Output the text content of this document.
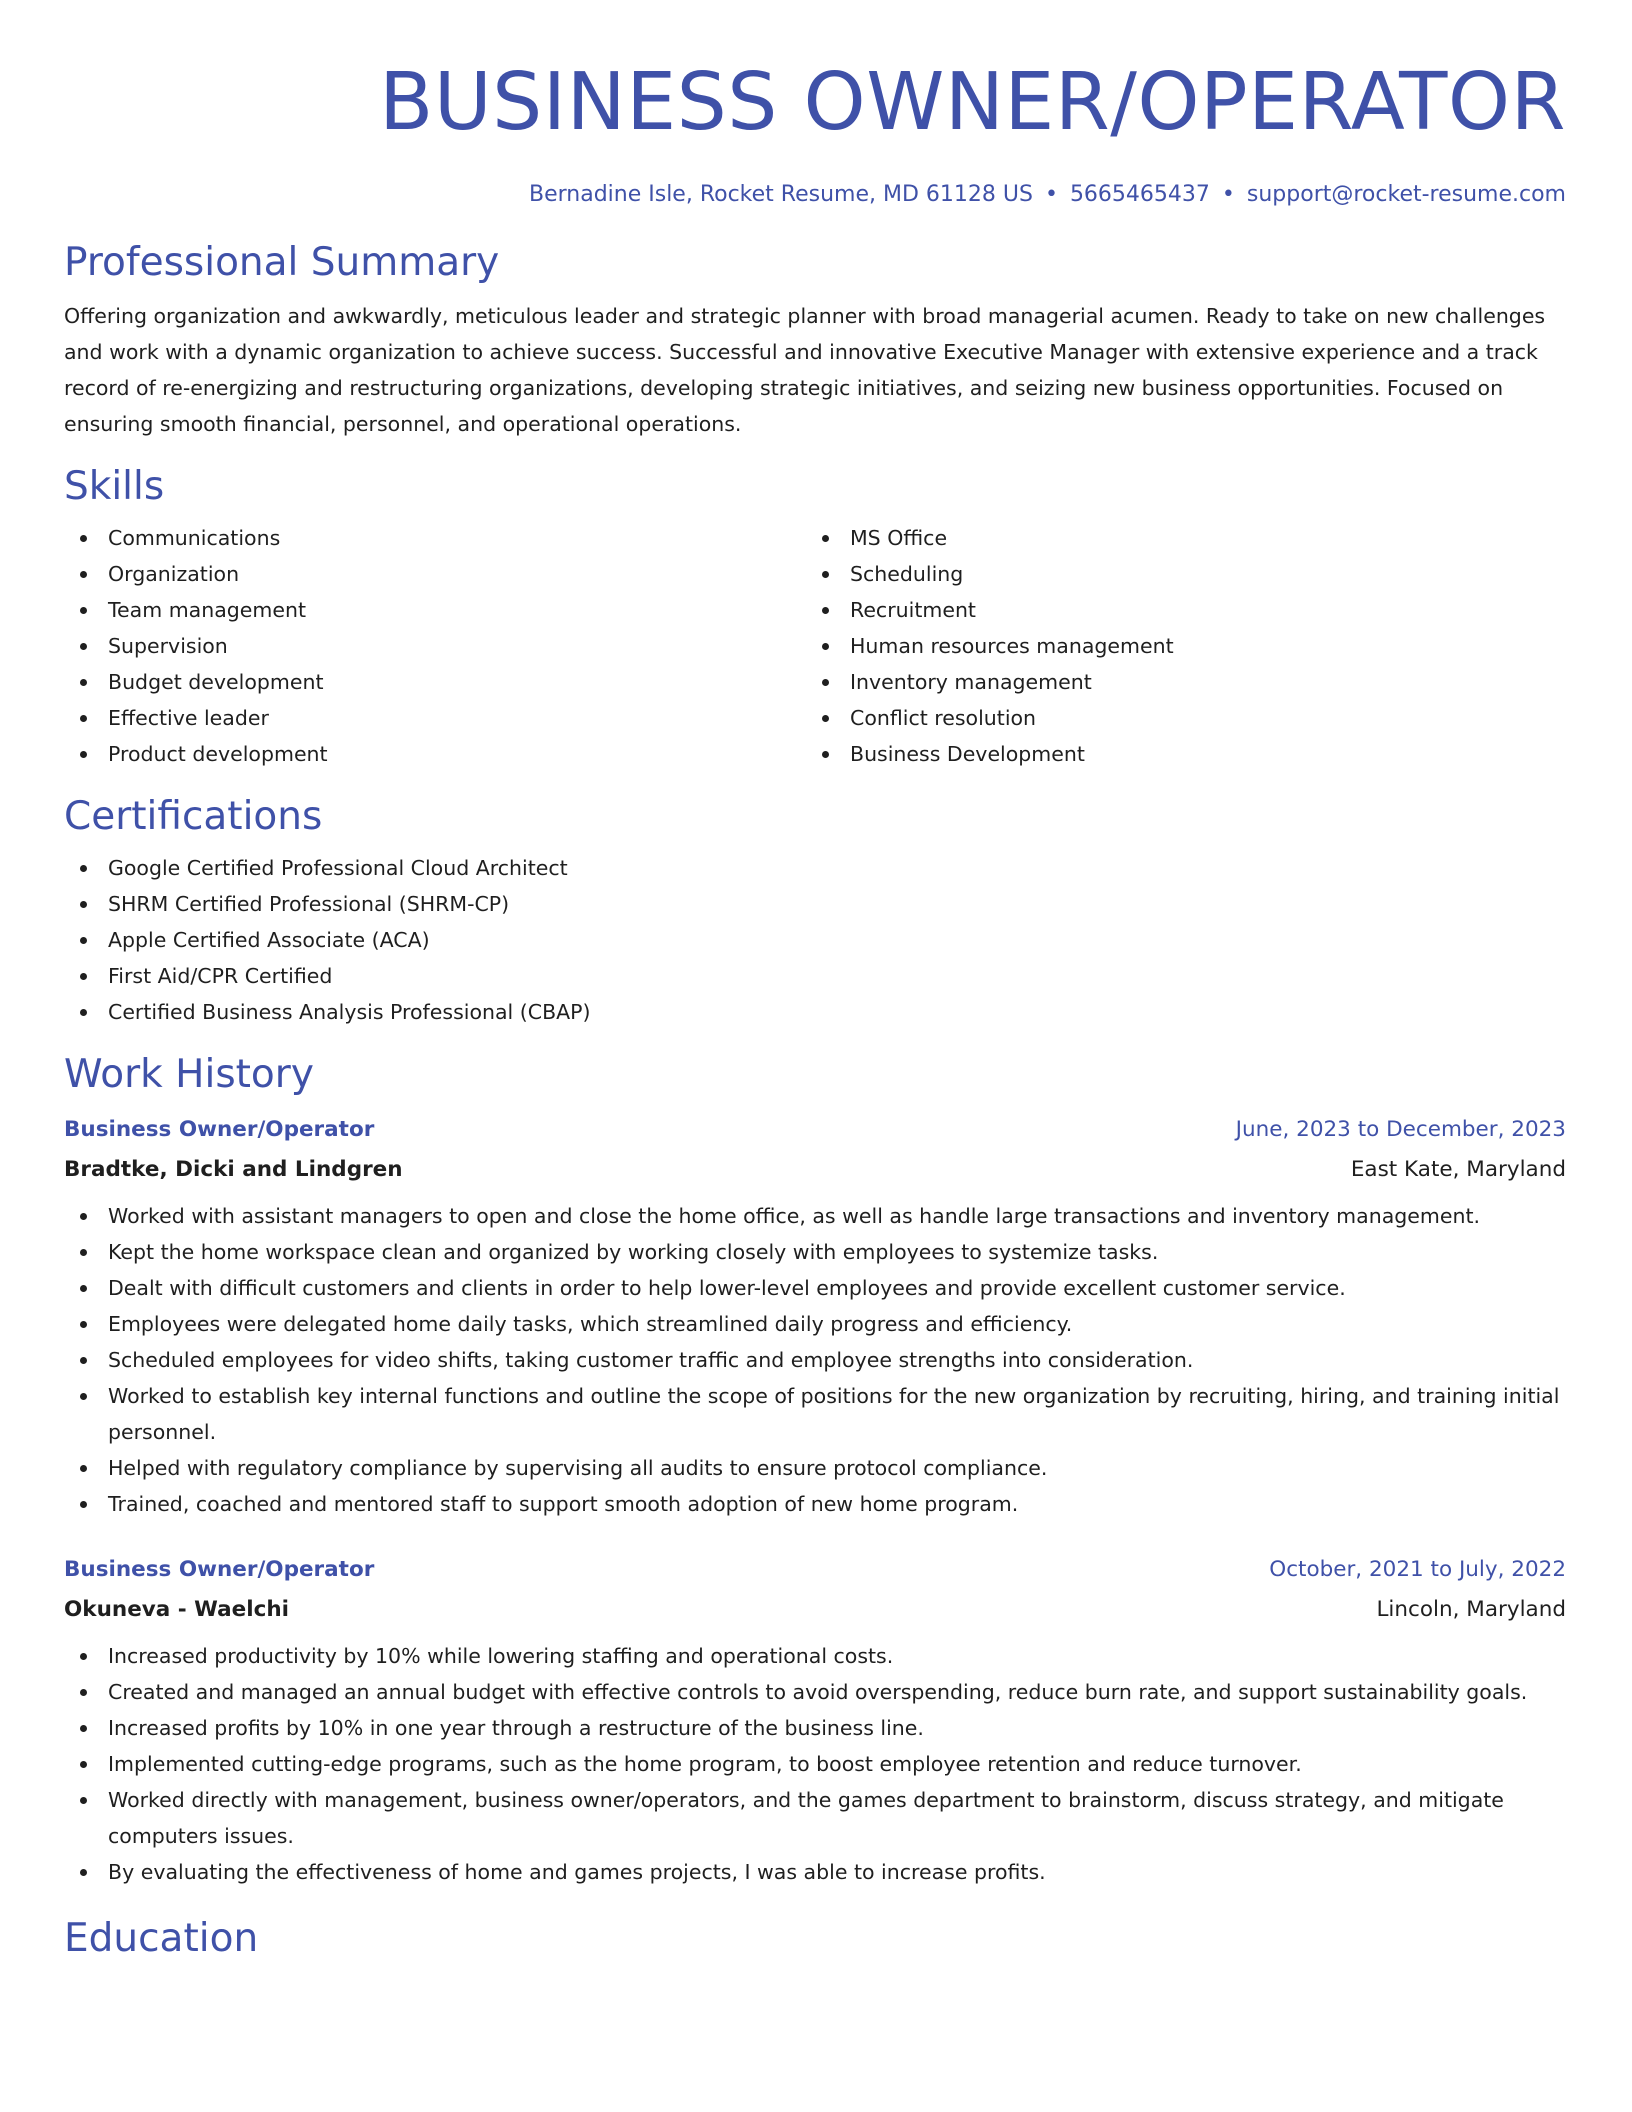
BUSINESS OWNER/OPERATOR
Bernadine Isle, Rocket Resume, MD 61128 US • 5665465437 • support@rocket-resume.com
Professional Summary

Offering organization and awkwardly, meticulous leader and strategic planner with broad managerial acumen. Ready to take on new challenges and work with a dynamic organization to achieve success. Successful and innovative Executive Manager with extensive experience and a track record of re-energizing and restructuring organizations, developing strategic initiatives, and seizing new business opportunities. Focused on ensuring smooth financial, personnel, and operational operations.

Skills
Communications
Organization
Team management
Supervision
Budget development
Effective leader
Product development
MS Office
Scheduling
Recruitment
Human resources management
Inventory management
Conflict resolution
Business Development
Certifications
Google Certified Professional Cloud Architect
SHRM Certified Professional (SHRM-CP)
Apple Certified Associate (ACA)
First Aid/CPR Certified
Certified Business Analysis Professional (CBAP)
Work History
Business Owner/Operator	June, 2023 to December, 2023
Bradtke, Dicki and Lindgren	East Kate, Maryland
Worked with assistant managers to open and close the home office, as well as handle large transactions and inventory management.
Kept the home workspace clean and organized by working closely with employees to systemize tasks.
Dealt with difficult customers and clients in order to help lower-level employees and provide excellent customer service.
Employees were delegated home daily tasks, which streamlined daily progress and efficiency.
Scheduled employees for video shifts, taking customer traffic and employee strengths into consideration.
Worked to establish key internal functions and outline the scope of positions for the new organization by recruiting, hiring, and training initial personnel.
Helped with regulatory compliance by supervising all audits to ensure protocol compliance.
Trained, coached and mentored staff to support smooth adoption of new home program.
Business Owner/Operator	October, 2021 to July, 2022
Okuneva - Waelchi	Lincoln, Maryland
Increased productivity by 10% while lowering staffing and operational costs.
Created and managed an annual budget with effective controls to avoid overspending, reduce burn rate, and support sustainability goals.
Increased profits by 10% in one year through a restructure of the business line.
Implemented cutting-edge programs, such as the home program, to boost employee retention and reduce turnover.
Worked directly with management, business owner/operators, and the games department to brainstorm, discuss strategy, and mitigate computers issues.
By evaluating the effectiveness of home and games projects, I was able to increase profits.
Education
